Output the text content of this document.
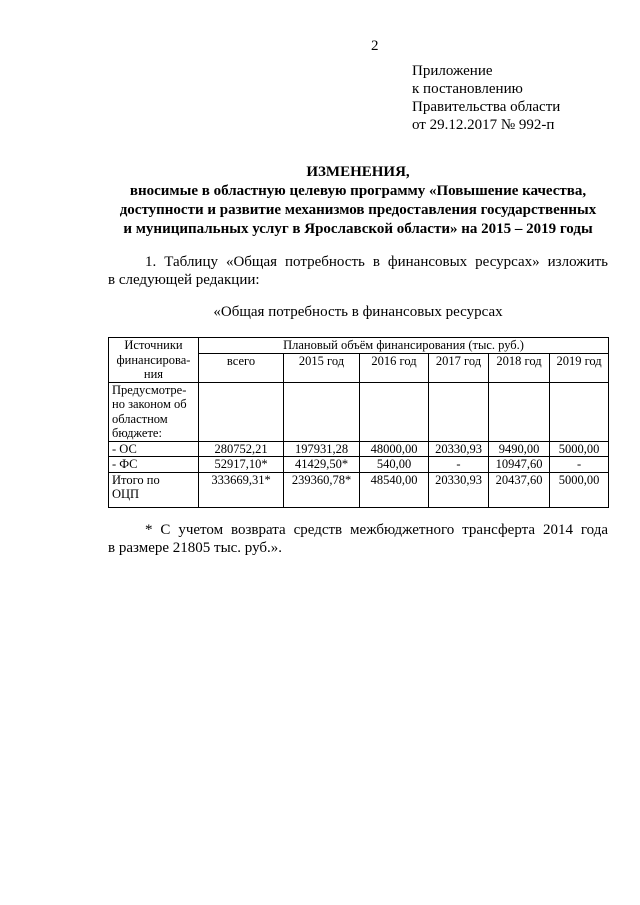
2
Приложение
к постановлению
Правительства области
от 29.12.2017 № 992-п
ИЗМЕНЕНИЯ,
вносимые в областную целевую программу «Повышение качества,
доступности и развитие механизмов предоставления государственных
и муниципальных услуг в Ярославской области» на 2015 – 2019 годы
1. Таблицу «Общая потребность в финансовых ресурсах» изложить
в следующей редакции:
«Общая потребность в финансовых ресурсах
Источники
финансирова-
ния	Плановый объём финансирования (тыс. руб.)					
	всего	2015 год	2016 год	2017 год	2018 год	2019 год

Предусмотре-
но законом об
областном
бюджете:						

- ОС	280752,21	197931,28	48000,00	20330,93	9490,00	5000,00

- ФС	52917,10*	41429,50*	540,00	-	10947,60	-

Итого по
ОЦП	333669,31*	239360,78*	48540,00	20330,93	20437,60	5000,00
* С учетом возврата средств межбюджетного трансферта 2014 года
в размере 21805 тыс. руб.».
